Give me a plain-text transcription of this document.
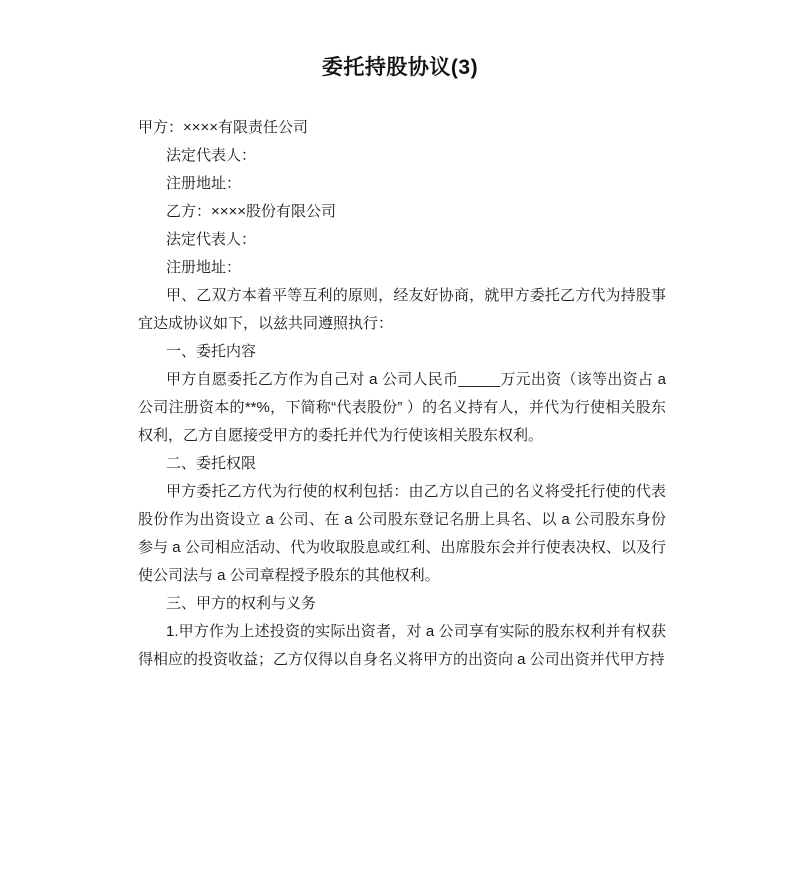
委托持股协议(3)

甲方：××××有限责任公司

法定代表人：

注册地址：

乙方：××××股份有限公司

法定代表人：

注册地址：

甲、乙双方本着平等互利的原则，经友好协商，就甲方委托乙方代为持股事宜达成协议如下，以兹共同遵照执行：

一、委托内容

甲方自愿委托乙方作为自己对 a 公司人民币_____万元出资（该等出资占 a 公司注册资本的**%，下简称“代表股份” ）的名义持有人，并代为行使相关股东权利，乙方自愿接受甲方的委托并代为行使该相关股东权利。

二、委托权限

甲方委托乙方代为行使的权利包括：由乙方以自己的名义将受托行使的代表股份作为出资设立 a 公司、在 a 公司股东登记名册上具名、以 a 公司股东身份参与 a 公司相应活动、代为收取股息或红利、出席股东会并行使表决权、以及行使公司法与 a 公司章程授予股东的其他权利。

三、甲方的权利与义务

1.甲方作为上述投资的实际出资者，对 a 公司享有实际的股东权利并有权获得相应的投资收益；乙方仅得以自身名义将甲方的出资向 a 公司出资并代甲方持
